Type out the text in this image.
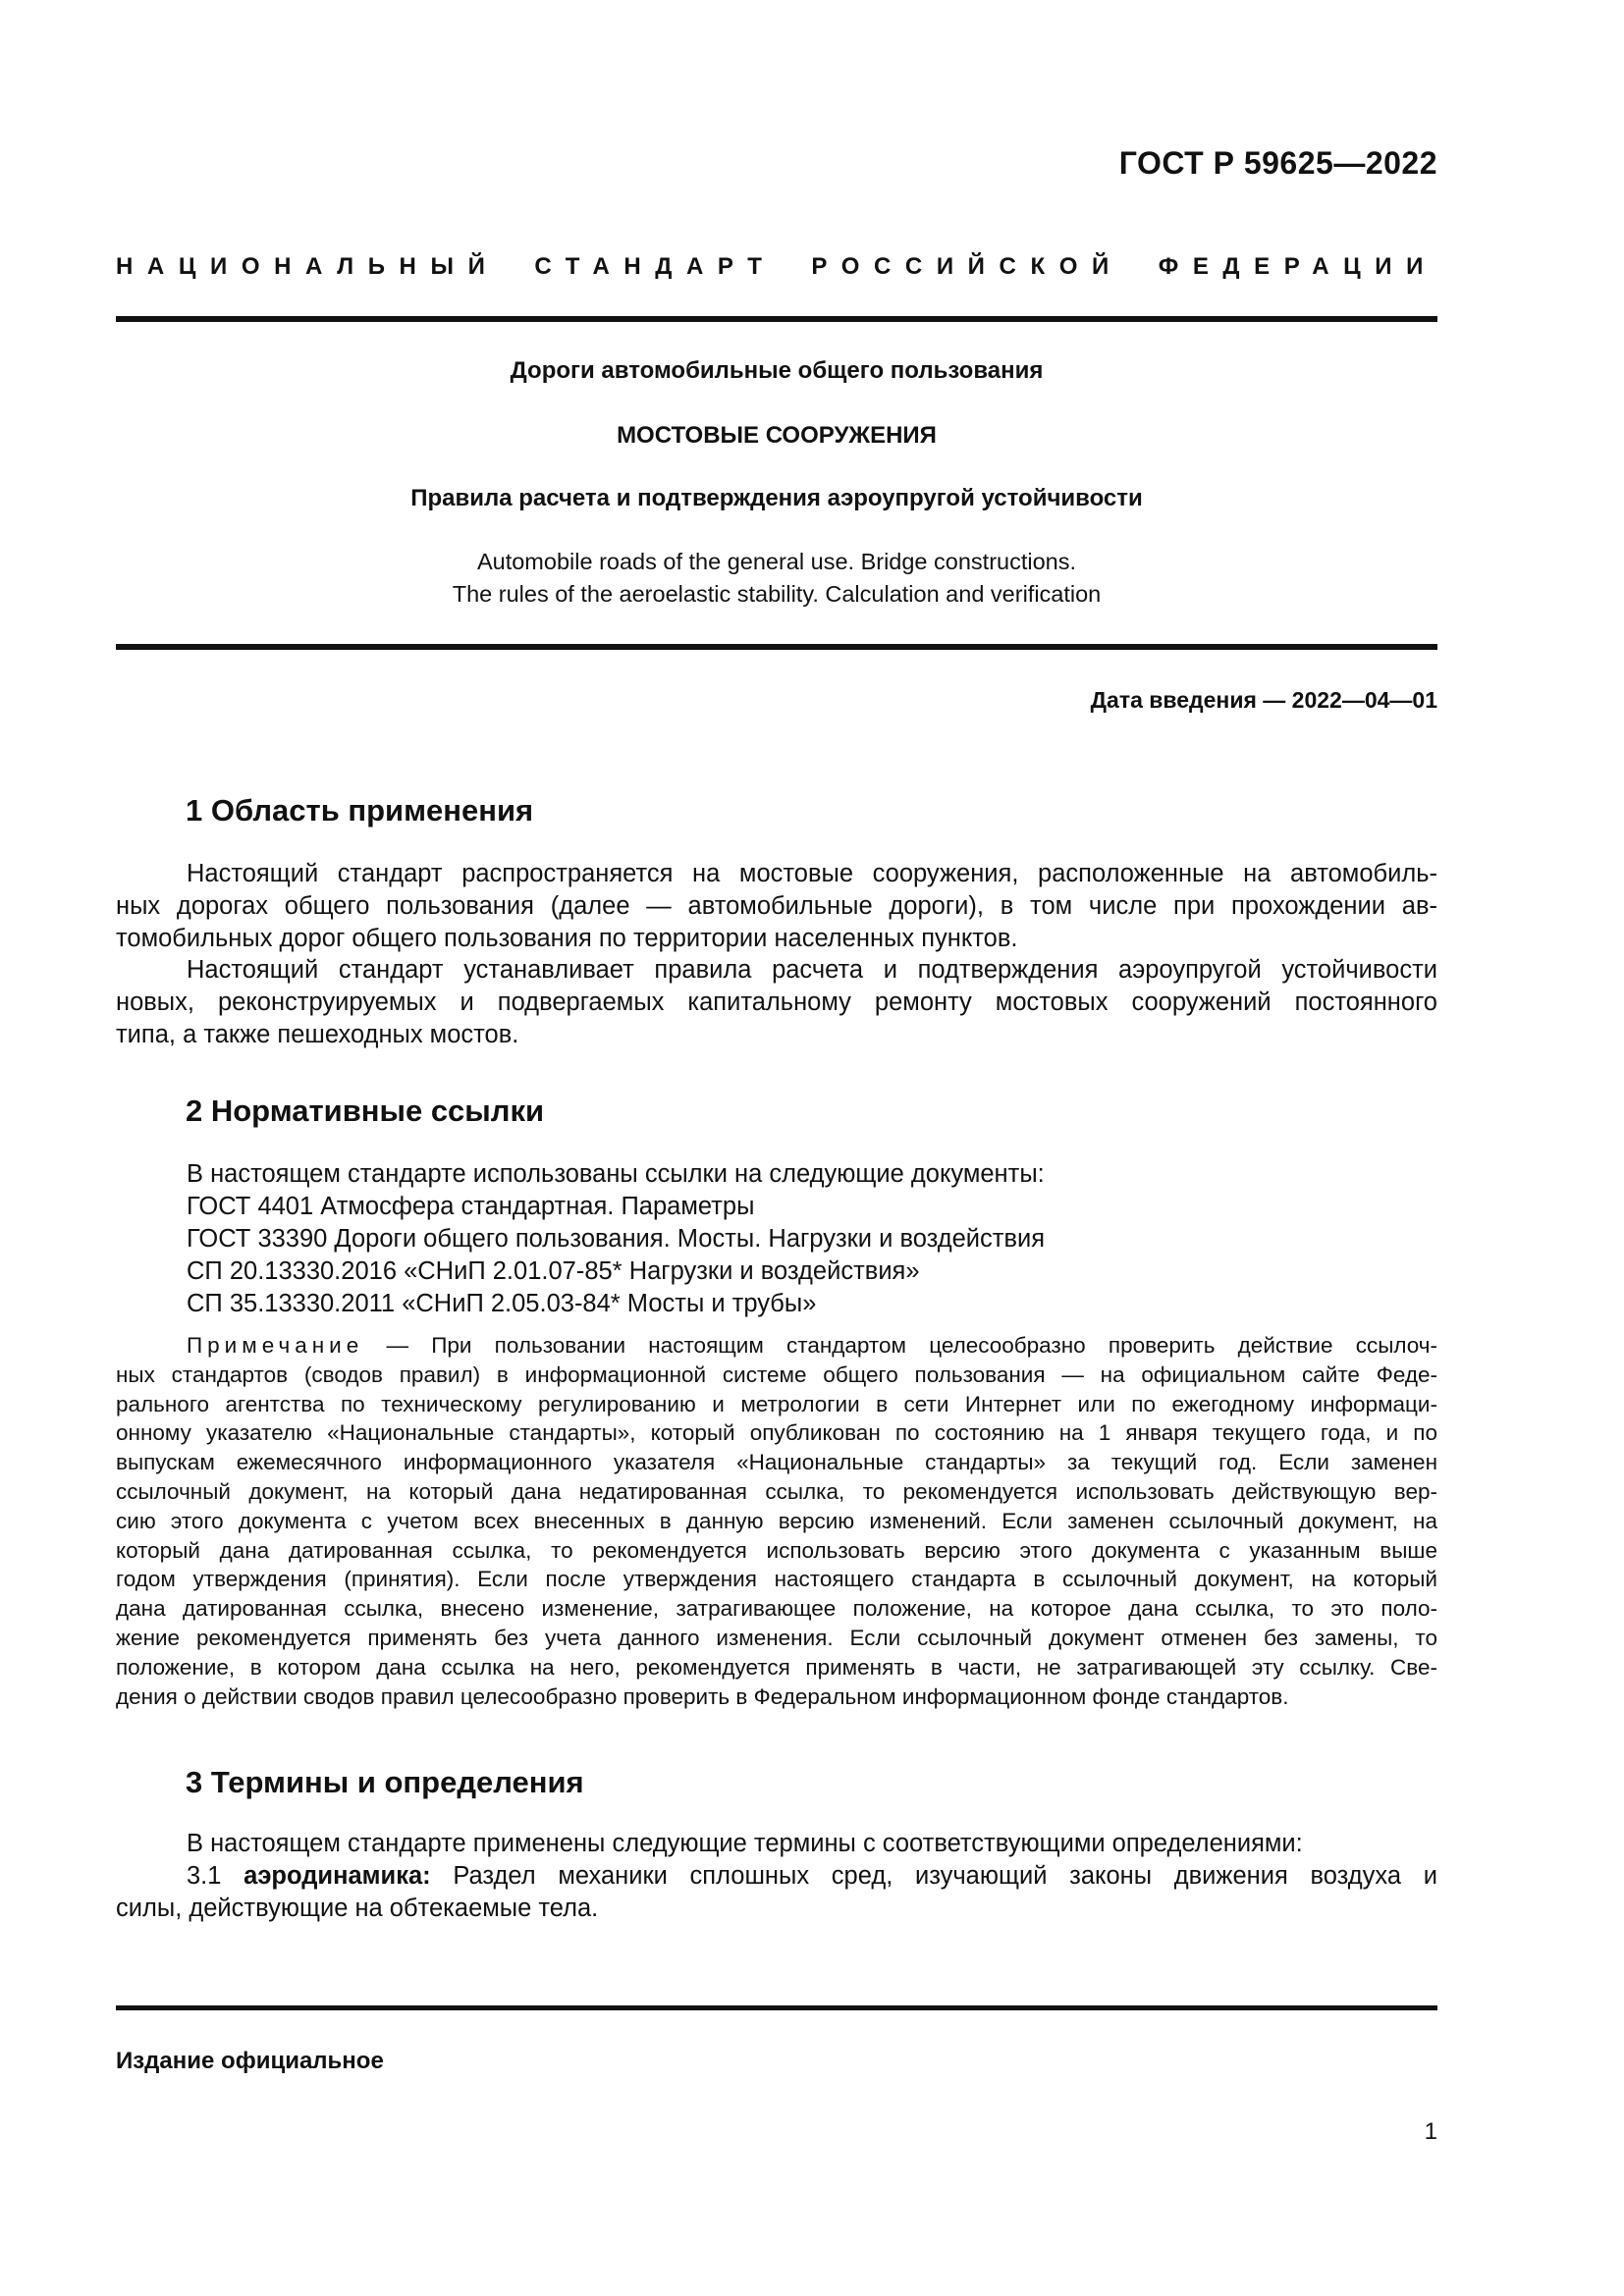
ГОСТ Р 59625—2022
НАЦИОНАЛЬНЫЙ СТАНДАРТ РОССИЙСКОЙ ФЕДЕРАЦИИ
Дороги автомобильные общего пользования
МОСТОВЫЕ СООРУЖЕНИЯ
Правила расчета и подтверждения аэроупругой устойчивости
Automobile roads of the general use. Bridge constructions.
The rules of the aeroelastic stability. Calculation and verification
Дата введения — 2022—04—01
1 Область применения
Настоящий стандарт распространяется на мостовые сооружения, расположенные на автомобиль-
ных дорогах общего пользования (далее — автомобильные дороги), в том числе при прохождении ав-
томобильных дорог общего пользования по территории населенных пунктов.
Настоящий стандарт устанавливает правила расчета и подтверждения аэроупругой устойчивости
новых, реконструируемых и подвергаемых капитальному ремонту мостовых сооружений постоянного
типа, а также пешеходных мостов.
2 Нормативные ссылки
В настоящем стандарте использованы ссылки на следующие документы:
ГОСТ 4401 Атмосфера стандартная. Параметры
ГОСТ 33390 Дороги общего пользования. Мосты. Нагрузки и воздействия
СП 20.13330.2016 «СНиП 2.01.07-85* Нагрузки и воздействия»
СП 35.13330.2011 «СНиП 2.05.03-84* Мосты и трубы»
Примечание — При пользовании настоящим стандартом целесообразно проверить действие ссылоч-
ных стандартов (сводов правил) в информационной системе общего пользования — на официальном сайте Феде-
рального агентства по техническому регулированию и метрологии в сети Интернет или по ежегодному информаци-
онному указателю «Национальные стандарты», который опубликован по состоянию на 1 января текущего года, и по
выпускам ежемесячного информационного указателя «Национальные стандарты» за текущий год. Если заменен
ссылочный документ, на который дана недатированная ссылка, то рекомендуется использовать действующую вер-
сию этого документа с учетом всех внесенных в данную версию изменений. Если заменен ссылочный документ, на
который дана датированная ссылка, то рекомендуется использовать версию этого документа с указанным выше
годом утверждения (принятия). Если после утверждения настоящего стандарта в ссылочный документ, на который
дана датированная ссылка, внесено изменение, затрагивающее положение, на которое дана ссылка, то это поло-
жение рекомендуется применять без учета данного изменения. Если ссылочный документ отменен без замены, то
положение, в котором дана ссылка на него, рекомендуется применять в части, не затрагивающей эту ссылку. Све-
дения о действии сводов правил целесообразно проверить в Федеральном информационном фонде стандартов.
3 Термины и определения
В настоящем стандарте применены следующие термины с соответствующими определениями:
3.1 аэродинамика: Раздел механики сплошных сред, изучающий законы движения воздуха и
силы, действующие на обтекаемые тела.
Издание официальное
1
